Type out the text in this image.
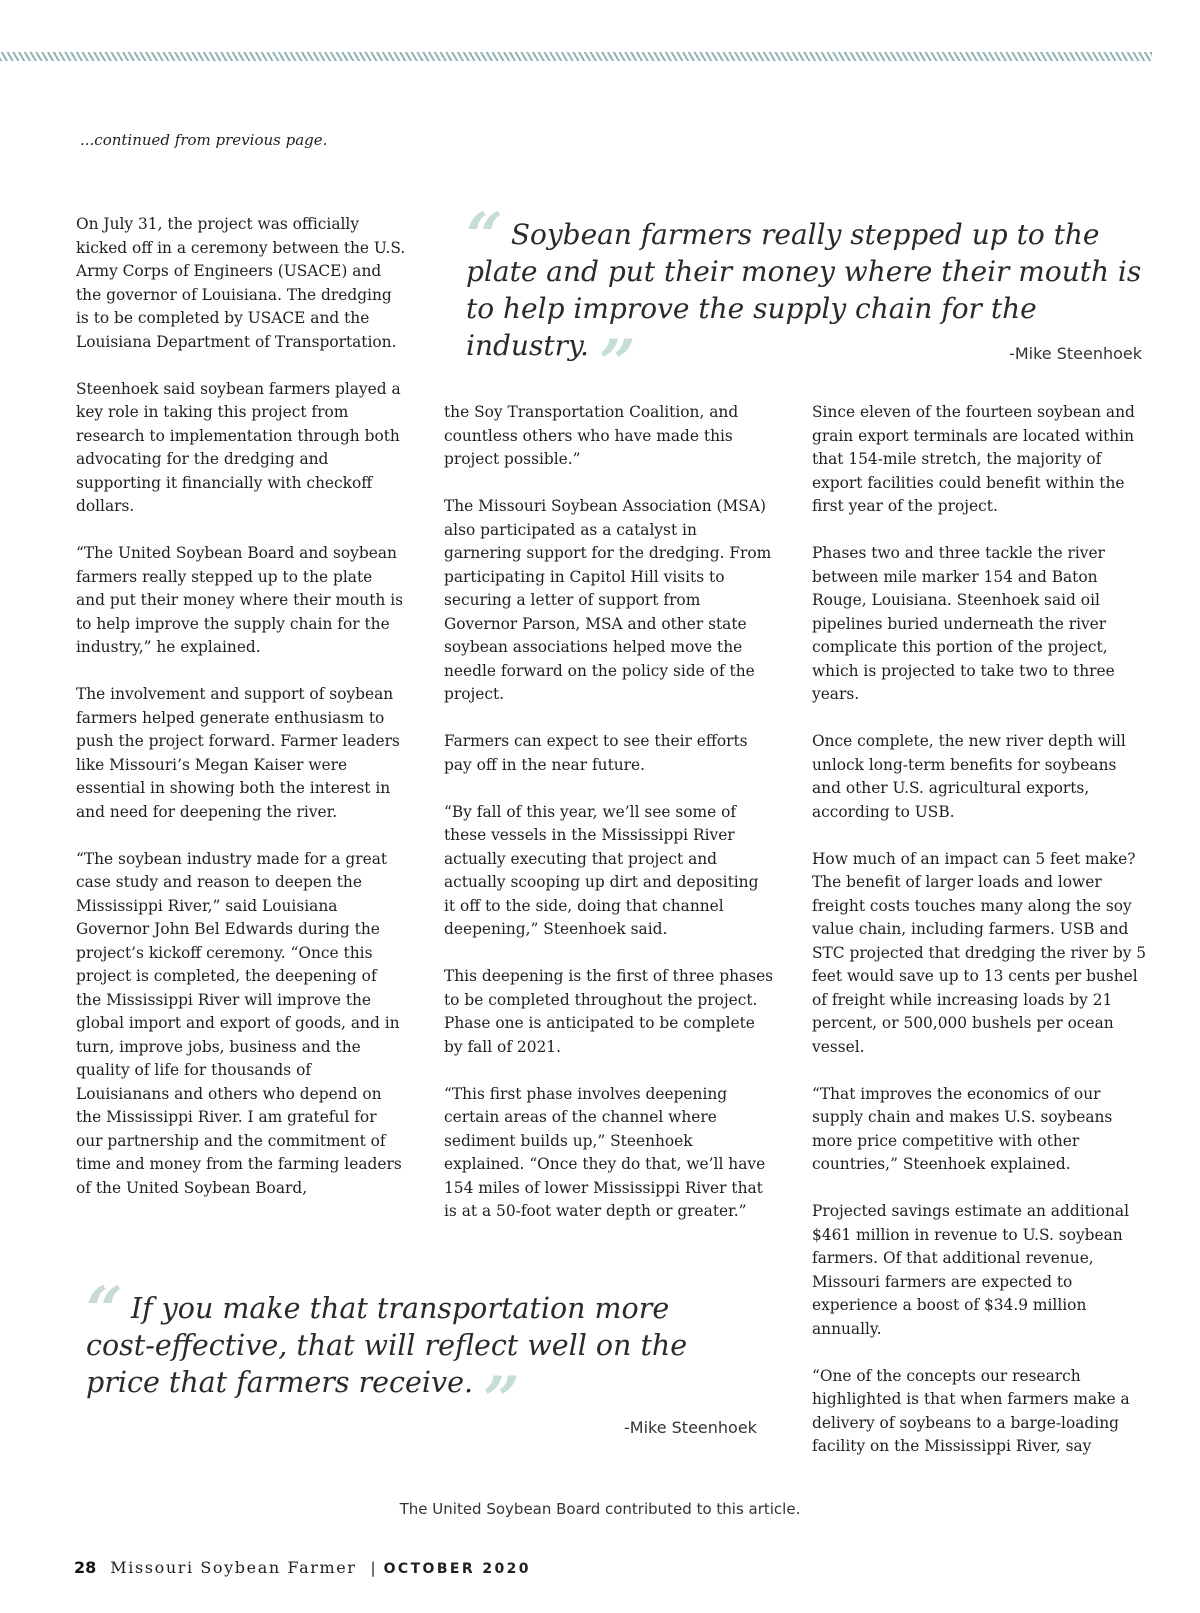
...continued from previous page.

On July 31, the project was officially kicked off in a ceremony between the U.S. Army Corps of Engineers (USACE) and the governor of Louisiana. The dredging is to be completed by USACE and the Louisiana Department of Transportation.

Steenhoek said soybean farmers played a key role in taking this project from research to implementation through both advocating for the dredging and supporting it financially with checkoff dollars.

“The United Soybean Board and soybean farmers really stepped up to the plate and put their money where their mouth is to help improve the supply chain for the industry,” he explained.

The involvement and support of soybean farmers helped generate enthusiasm to push the project forward. Farmer leaders like Missouri’s Megan Kaiser were essential in showing both the interest in and need for deepening the river.

“The soybean industry made for a great case study and reason to deepen the Mississippi River,” said Louisiana Governor John Bel Edwards during the project’s kickoff ceremony. “Once this project is completed, the deepening of the Mississippi River will improve the global import and export of goods, and in turn, improve jobs, business and the quality of life for thousands of Louisianans and others who depend on the Mississippi River. I am grateful for our partnership and the commitment of time and money from the farming leaders of the United Soybean Board,

“ Soybean farmers really stepped up to the plate and put their money where their mouth is to help improve the supply chain for the industry. ”	-Mike Steenhoek

the Soy Transportation Coalition, and countless others who have made this project possible.”

The Missouri Soybean Association (MSA) also participated as a catalyst in garnering support for the dredging. From participating in Capitol Hill visits to securing a letter of support from Governor Parson, MSA and other state soybean associations helped move the needle forward on the policy side of the project.

Farmers can expect to see their efforts pay off in the near future.

“By fall of this year, we’ll see some of these vessels in the Mississippi River actually executing that project and actually scooping up dirt and depositing it off to the side, doing that channel deepening,” Steenhoek said.

This deepening is the first of three phases to be completed throughout the project. Phase one is anticipated to be complete by fall of 2021.

“This first phase involves deepening certain areas of the channel where sediment builds up,” Steenhoek explained. “Once they do that, we’ll have 154 miles of lower Mississippi River that is at a 50-foot water depth or greater.”

Since eleven of the fourteen soybean and grain export terminals are located within that 154-mile stretch, the majority of export facilities could benefit within the first year of the project.

Phases two and three tackle the river between mile marker 154 and Baton Rouge, Louisiana. Steenhoek said oil pipelines buried underneath the river complicate this portion of the project, which is projected to take two to three years.

Once complete, the new river depth will unlock long-term benefits for soybeans and other U.S. agricultural exports, according to USB.

How much of an impact can 5 feet make? The benefit of larger loads and lower freight costs touches many along the soy value chain, including farmers. USB and STC projected that dredging the river by 5 feet would save up to 13 cents per bushel of freight while increasing loads by 21 percent, or 500,000 bushels per ocean vessel.

“That improves the economics of our supply chain and makes U.S. soybeans more price competitive with other countries,” Steenhoek explained.

Projected savings estimate an additional $461 million in revenue to U.S. soybean farmers. Of that additional revenue, Missouri farmers are expected to experience a boost of $34.9 million annually.

“One of the concepts our research highlighted is that when farmers make a delivery of soybeans to a barge-loading facility on the Mississippi River, say

“ If you make that transportation more cost-effective, that will reflect well on the price that farmers receive. ”	-Mike Steenhoek
The United Soybean Board contributed to this article.
28 Missouri Soybean Farmer | OCTOBER 2020
